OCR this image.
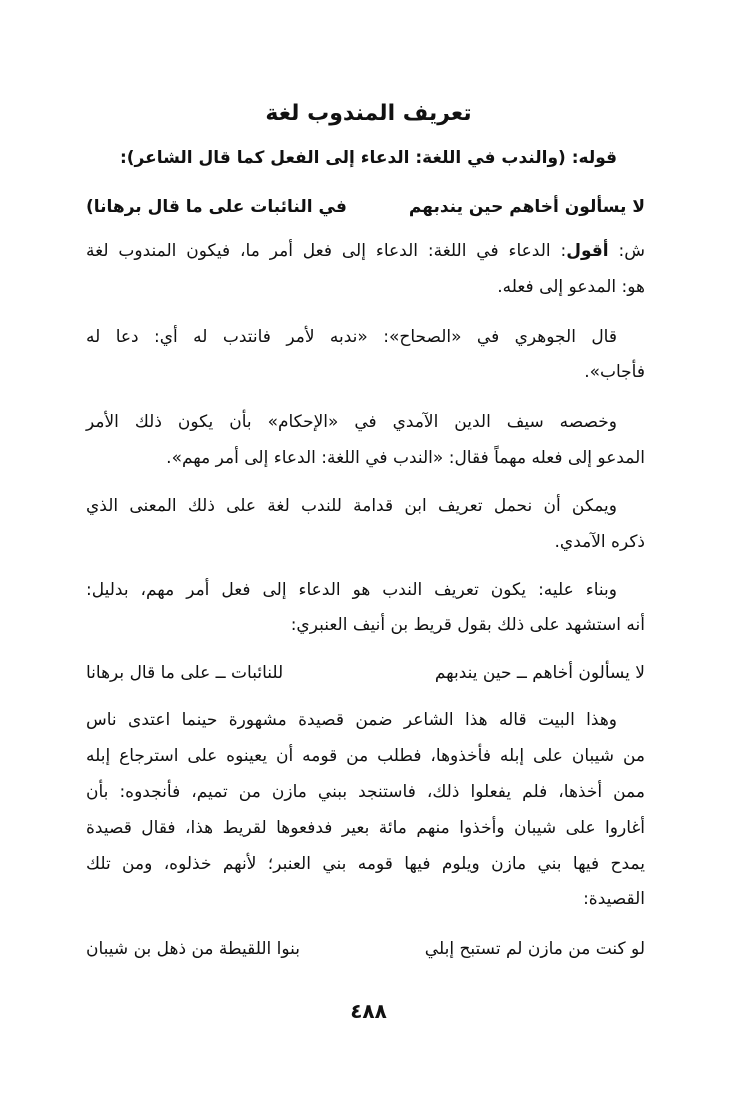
تعريف المندوب لغة
قوله: (والندب في اللغة: الدعاء إلى الفعل كما قال الشاعر):
لا يسألون أخاهم حين يندبهم
في النائبات على ما قال برهانا)
ش: أقول: الدعاء في اللغة: الدعاء إلى فعل أمر ما، فيكون المندوب لغة
هو: المدعو إلى فعله.
قال الجوهري في «الصحاح»: «ندبه لأمر فانتدب له أي: دعا له
فأجاب».
وخصصه سيف الدين الآمدي في «الإحكام» بأن يكون ذلك الأمر
المدعو إلى فعله مهماً فقال: «الندب في اللغة: الدعاء إلى أمر مهم».
ويمكن أن نحمل تعريف ابن قدامة للندب لغة على ذلك المعنى الذي
ذكره الآمدي.
وبناء عليه: يكون تعريف الندب هو الدعاء إلى فعل أمر مهم، بدليل:
أنه استشهد على ذلك بقول قريط بن أنيف العنبري:
لا يسألون أخاهم ــ حين يندبهم
للنائبات ــ على ما قال برهانا
وهذا البيت قاله هذا الشاعر ضمن قصيدة مشهورة حينما اعتدى ناس
من شيبان على إبله فأخذوها، فطلب من قومه أن يعينوه على استرجاع إبله
ممن أخذها، فلم يفعلوا ذلك، فاستنجد ببني مازن من تميم، فأنجدوه: بأن
أغاروا على شيبان وأخذوا منهم مائة بعير فدفعوها لقريط هذا، فقال قصيدة
يمدح فيها بني مازن ويلوم فيها قومه بني العنبر؛ لأنهم خذلوه، ومن تلك
القصيدة:
لو كنت من مازن لم تستبح إبلي
بنوا اللقيطة من ذهل بن شيبان
٤٨٨
